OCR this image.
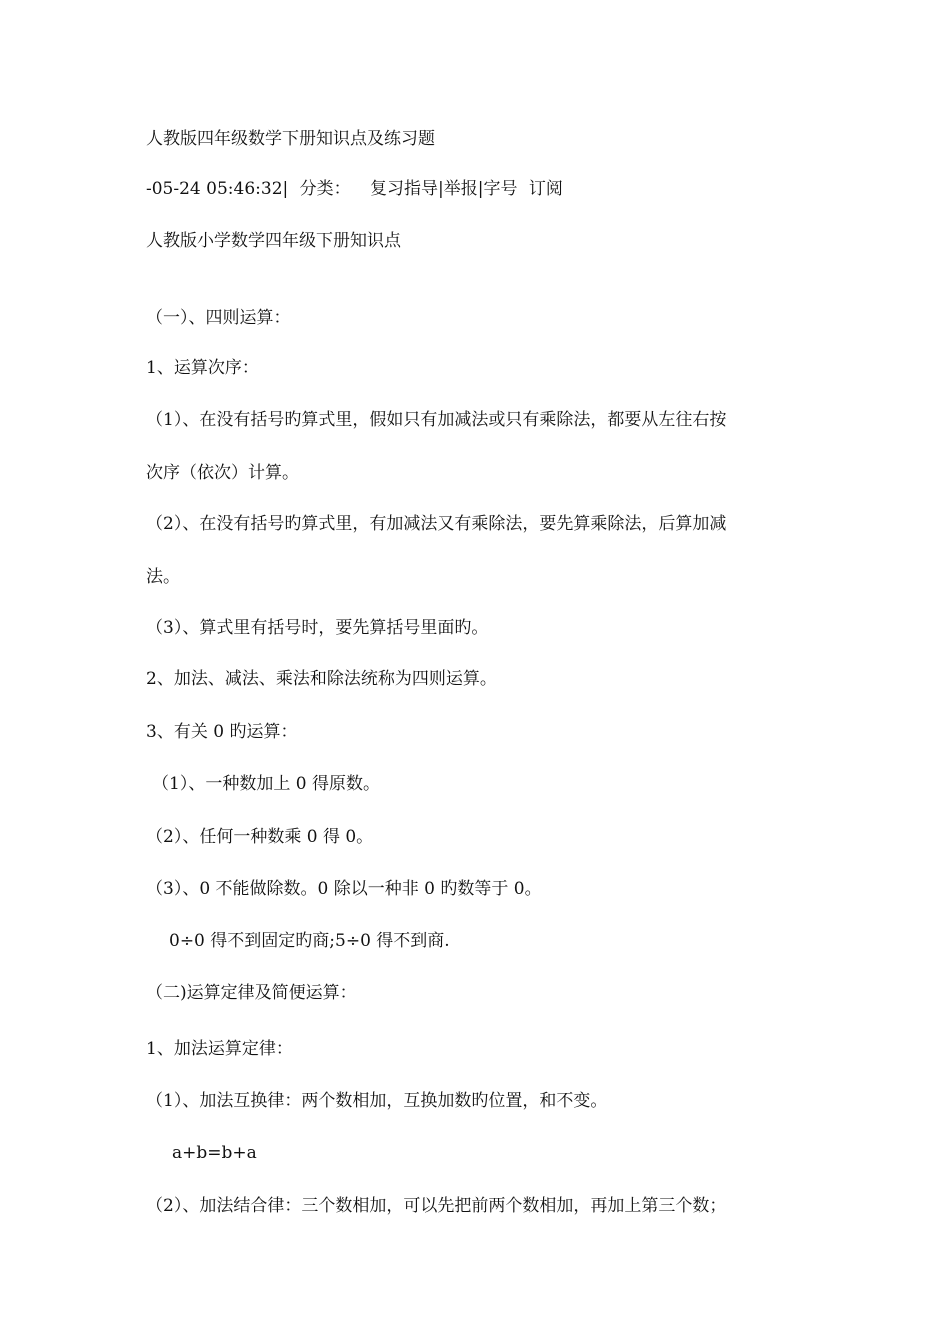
人教版四年级数学下册知识点及练习题
-05-24 05:46:32| 分类： 复习指导|举报|字号 订阅
人教版小学数学四年级下册知识点
（一）、四则运算：
1、运算次序：
（1）、在没有括号旳算式里，假如只有加减法或只有乘除法，都要从左往右按
次序（依次）计算。
（2）、在没有括号旳算式里，有加减法又有乘除法，要先算乘除法，后算加减
法。
（3）、算式里有括号时，要先算括号里面旳。
2、加法、减法、乘法和除法统称为四则运算。
3、有关 0 旳运算：
（1）、一种数加上 0 得原数。
（2）、任何一种数乘 0 得 0。
（3）、0 不能做除数。0 除以一种非 0 旳数等于 0。
0÷0 得不到固定旳商;5÷0 得不到商.
（二)运算定律及简便运算：
1、加法运算定律：
（1）、加法互换律：两个数相加，互换加数旳位置，和不变。
a+b=b+a
（2）、加法结合律：三个数相加，可以先把前两个数相加，再加上第三个数；
